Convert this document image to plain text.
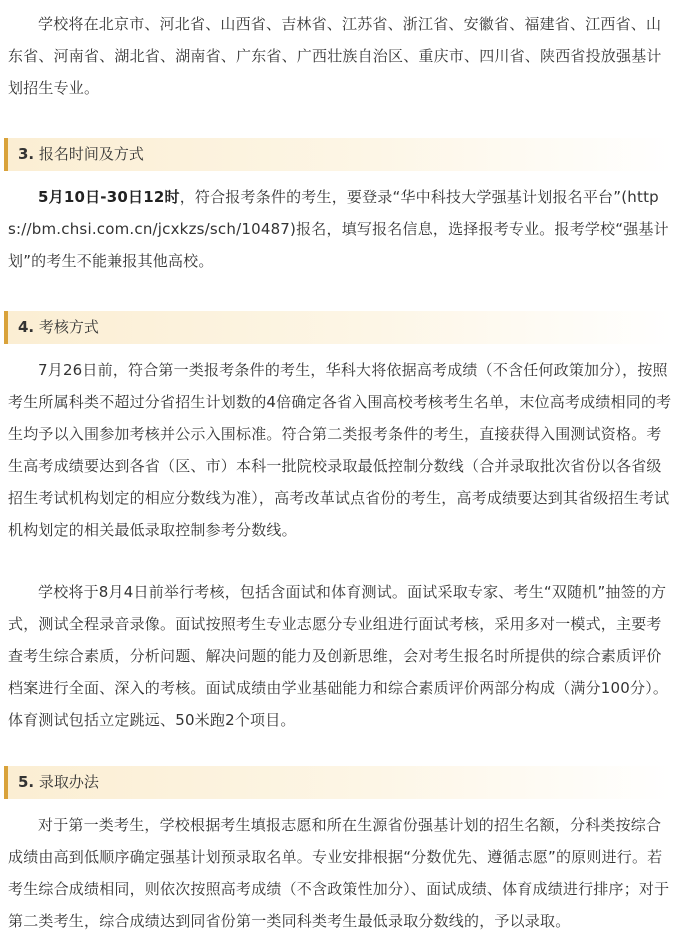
学校将在北京市、河北省、山西省、吉林省、江苏省、浙江省、安徽省、福建省、江西省、山东省、河南省、湖北省、湖南省、广东省、广西壮族自治区、重庆市、四川省、陕西省投放强基计划招生专业。

3. 报名时间及方式

5月10日-30日12时，符合报考条件的考生，要登录“华中科技大学强基计划报名平台”(https://bm.chsi.com.cn/jcxkzs/sch/10487)报名，填写报名信息，选择报考专业。报考学校“强基计划”的考生不能兼报其他高校。

4. 考核方式

7月26日前，符合第一类报考条件的考生，华科大将依据高考成绩（不含任何政策加分），按照考生所属科类不超过分省招生计划数的4倍确定各省入围高校考核考生名单，末位高考成绩相同的考生均予以入围参加考核并公示入围标准。符合第二类报考条件的考生，直接获得入围测试资格。考生高考成绩要达到各省（区、市）本科一批院校录取最低控制分数线（合并录取批次省份以各省级招生考试机构划定的相应分数线为准），高考改革试点省份的考生，高考成绩要达到其省级招生考试机构划定的相关最低录取控制参考分数线。

学校将于8月4日前举行考核，包括含面试和体育测试。面试采取专家、考生“双随机”抽签的方式，测试全程录音录像。面试按照考生专业志愿分专业组进行面试考核，采用多对一模式，主要考查考生综合素质，分析问题、解决问题的能力及创新思维，会对考生报名时所提供的综合素质评价档案进行全面、深入的考核。面试成绩由学业基础能力和综合素质评价两部分构成（满分100分）。体育测试包括立定跳远、50米跑2个项目。

5. 录取办法

对于第一类考生，学校根据考生填报志愿和所在生源省份强基计划的招生名额，分科类按综合成绩由高到低顺序确定强基计划预录取名单。专业安排根据“分数优先、遵循志愿”的原则进行。若考生综合成绩相同，则依次按照高考成绩（不含政策性加分）、面试成绩、体育成绩进行排序；对于第二类考生，综合成绩达到同省份第一类同科类考生最低录取分数线的，予以录取。
